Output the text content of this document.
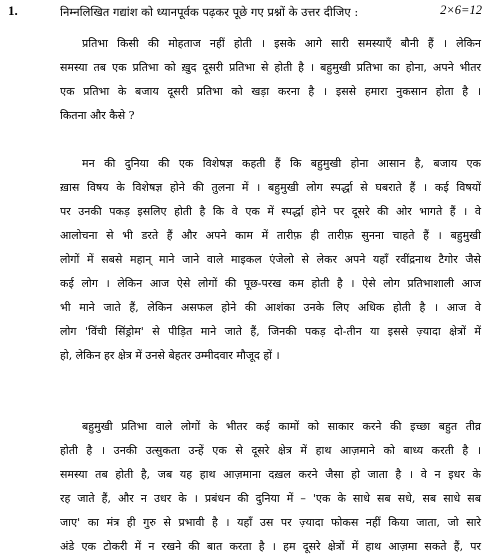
1.	निम्नलिखित गद्यांश को ध्यानपूर्वक पढ़कर पूछे गए प्रश्नों के उत्तर दीजिए :	2×6=12
प्रतिभा किसी की मोहताज नहीं होती । इसके आगे सारी समस्याएँ बौनी हैं । लेकिन
समस्या तब एक प्रतिभा को ख़ुद दूसरी प्रतिभा से होती है । बहुमुखी प्रतिभा का होना, अपने भीतर
एक प्रतिभा के बजाय दूसरी प्रतिभा को खड़ा करना है । इससे हमारा नुकसान होता है ।
कितना और कैसे ?
मन की दुनिया की एक विशेषज्ञ कहती हैं कि बहुमुखी होना आसान है, बजाय एक
ख़ास विषय के विशेषज्ञ होने की तुलना में । बहुमुखी लोग स्पर्द्धा से घबराते हैं । कई विषयों
पर उनकी पकड़ इसलिए होती है कि वे एक में स्पर्द्धा होने पर दूसरे की ओर भागते हैं । वे
आलोचना से भी डरते हैं और अपने काम में तारीफ़ ही तारीफ़ सुनना चाहते हैं । बहुमुखी
लोगों में सबसे महान् माने जाने वाले माइकल एंजेलो से लेकर अपने यहाँ रवींद्रनाथ टैगोर जैसे
कई लोग । लेकिन आज ऐसे लोगों की पूछ-परख कम होती है । ऐसे लोग प्रतिभाशाली आज
भी माने जाते हैं, लेकिन असफल होने की आशंका उनके लिए अधिक होती है । आज वे
लोग 'विंची सिंड्रोम' से पीड़ित माने जाते हैं, जिनकी पकड़ दो-तीन या इससे ज़्यादा क्षेत्रों में
हो, लेकिन हर क्षेत्र में उनसे बेहतर उम्मीदवार मौजूद हों ।
बहुमुखी प्रतिभा वाले लोगों के भीतर कई कामों को साकार करने की इच्छा बहुत तीव्र
होती है । उनकी उत्सुकता उन्हें एक से दूसरे क्षेत्र में हाथ आज़माने को बाध्य करती है ।
समस्या तब होती है, जब यह हाथ आज़माना दख़ल करने जैसा हो जाता है । वे न इधर के
रह जाते हैं, और न उधर के । प्रबंधन की दुनिया में – 'एक के साधे सब सधे, सब साधे सब
जाए' का मंत्र ही गुरु से प्रभावी है । यहाँ उस पर ज़्यादा फोकस नहीं किया जाता, जो सारे
अंडे एक टोकरी में न रखने की बात करता है । हम दूसरे क्षेत्रों में हाथ आज़मा सकते हैं, पर
